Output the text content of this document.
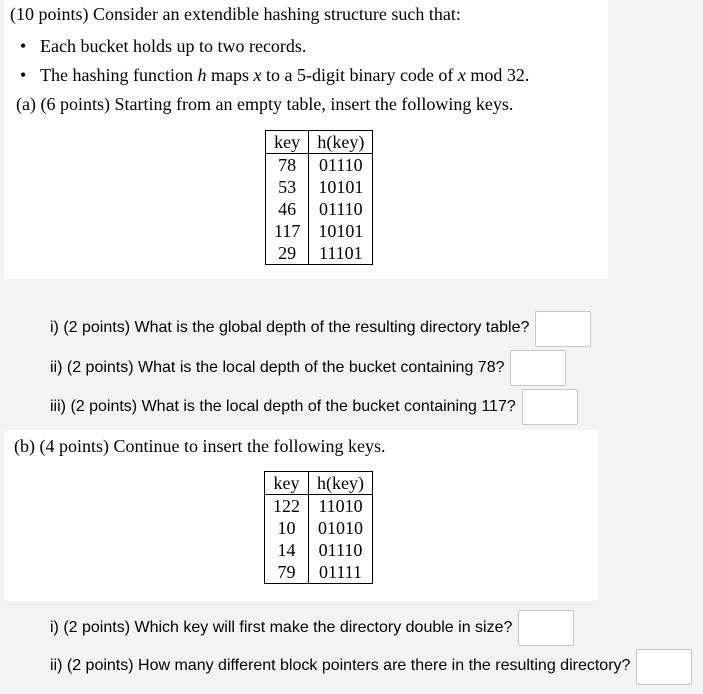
(10 points) Consider an extendible hashing structure such that:
• Each bucket holds up to two records.
• The hashing function h maps x to a 5-digit binary code of x mod 32.
(a) (6 points) Starting from an empty table, insert the following keys.
key	h(key)
78	01110
53	10101
46	01110
117	10101
29	11101
i) (2 points) What is the global depth of the resulting directory table?
ii) (2 points) What is the local depth of the bucket containing 78?
iii) (2 points) What is the local depth of the bucket containing 117?
(b) (4 points) Continue to insert the following keys.
key	h(key)
122	11010
10	01010
14	01110
79	01111
i) (2 points) Which key will first make the directory double in size?
ii) (2 points) How many different block pointers are there in the resulting directory?
